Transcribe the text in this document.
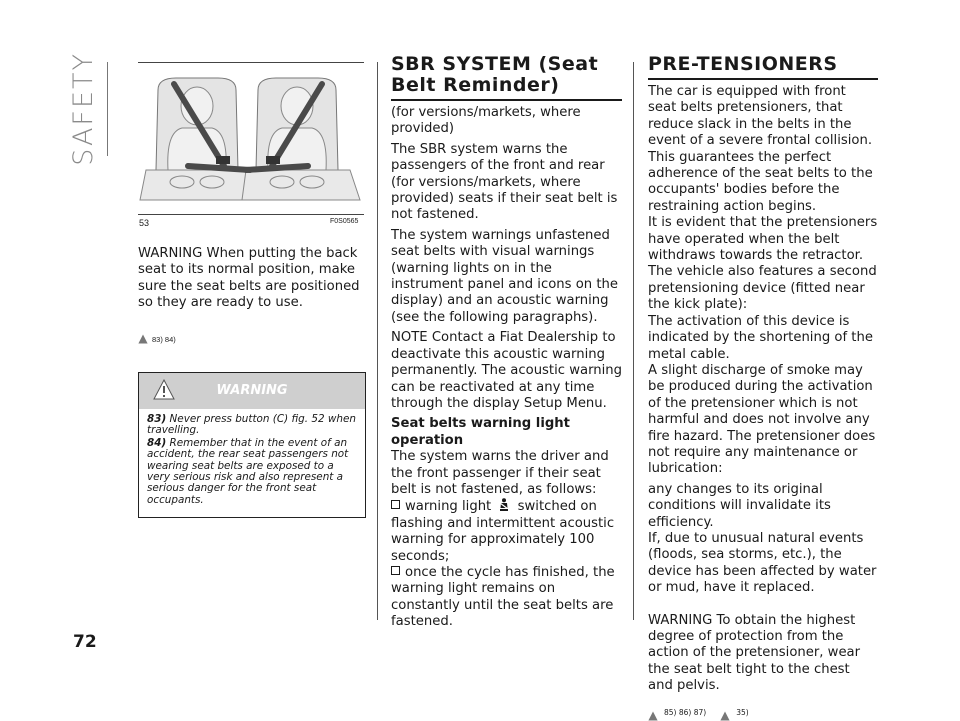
SAFETY
72
53	F0S0565

WARNING When putting the back seat to its normal position, make sure the seat belts are positioned so they are ready to use.

83) 84)
WARNING

83) Never press button (C) fig. 52 when travelling.

84) Remember that in the event of an accident, the rear seat passengers not wearing seat belts are exposed to a very serious risk and also represent a serious danger for the front seat occupants.

SBR SYSTEM (Seat Belt Reminder)

(for versions/markets, where provided)

The SBR system warns the passengers of the front and rear (for versions/markets, where provided) seats if their seat belt is not fastened.

The system warnings unfastened seat belts with visual warnings (warning lights on in the instrument panel and icons on the display) and an acoustic warning (see the following paragraphs).

NOTE Contact a Fiat Dealership to deactivate this acoustic warning permanently. The acoustic warning can be reactivated at any time through the display Setup Menu.

Seat belts warning light operation

The system warns the driver and the front passenger if their seat belt is not fastened, as follows:

warning light switched on flashing and intermittent acoustic warning for approximately 100 seconds;

once the cycle has finished, the warning light remains on constantly until the seat belts are fastened.

PRE-TENSIONERS

The car is equipped with front seat belts pretensioners, that reduce slack in the belts in the event of a severe frontal collision. This guarantees the perfect adherence of the seat belts to the occupants' bodies before the restraining action begins.

It is evident that the pretensioners have operated when the belt withdraws towards the retractor. The vehicle also features a second pretensioning device (fitted near the kick plate):

The activation of this device is indicated by the shortening of the metal cable.

A slight discharge of smoke may be produced during the activation of the pretensioner which is not harmful and does not involve any fire hazard. The pretensioner does not require any maintenance or lubrication:

any changes to its original conditions will invalidate its efficiency.

If, due to unusual natural events (floods, sea storms, etc.), the device has been affected by water or mud, have it replaced.

WARNING To obtain the highest degree of protection from the action of the pretensioner, wear the seat belt tight to the chest and pelvis.

85) 86) 87)	35)
